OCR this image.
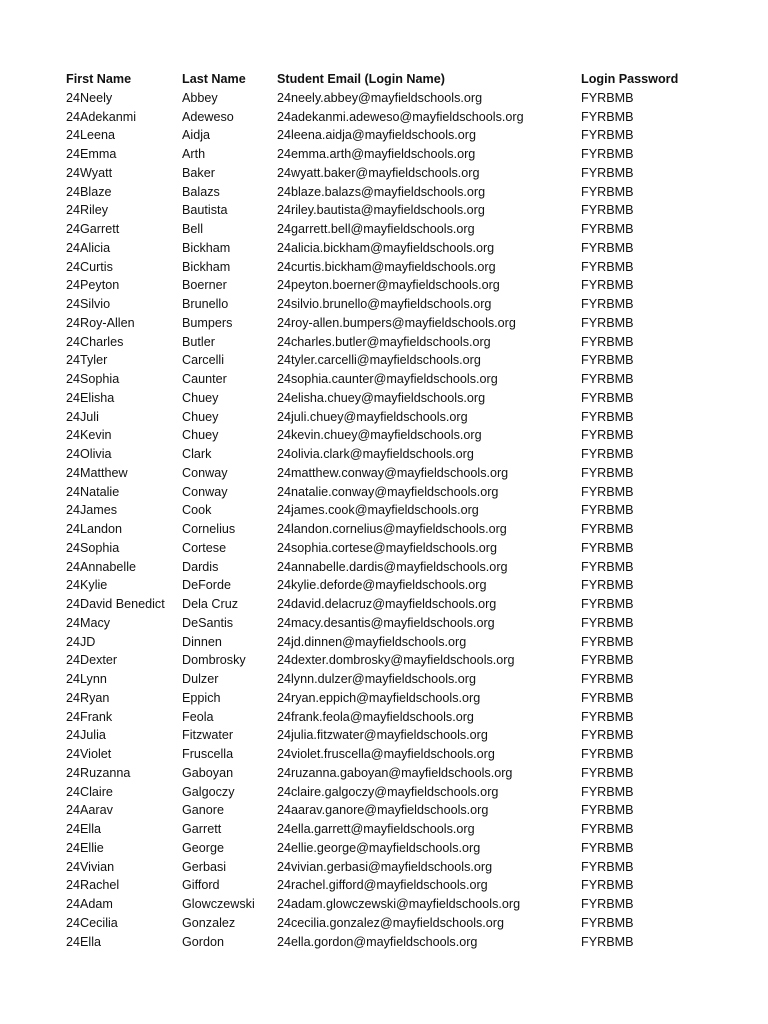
First Name	Last Name	Student Email (Login Name)	Login Password
24Neely	Abbey	24neely.abbey@mayfieldschools.org	FYRBMB
24Adekanmi	Adeweso	24adekanmi.adeweso@mayfieldschools.org	FYRBMB
24Leena	Aidja	24leena.aidja@mayfieldschools.org	FYRBMB
24Emma	Arth	24emma.arth@mayfieldschools.org	FYRBMB
24Wyatt	Baker	24wyatt.baker@mayfieldschools.org	FYRBMB
24Blaze	Balazs	24blaze.balazs@mayfieldschools.org	FYRBMB
24Riley	Bautista	24riley.bautista@mayfieldschools.org	FYRBMB
24Garrett	Bell	24garrett.bell@mayfieldschools.org	FYRBMB
24Alicia	Bickham	24alicia.bickham@mayfieldschools.org	FYRBMB
24Curtis	Bickham	24curtis.bickham@mayfieldschools.org	FYRBMB
24Peyton	Boerner	24peyton.boerner@mayfieldschools.org	FYRBMB
24Silvio	Brunello	24silvio.brunello@mayfieldschools.org	FYRBMB
24Roy-Allen	Bumpers	24roy-allen.bumpers@mayfieldschools.org	FYRBMB
24Charles	Butler	24charles.butler@mayfieldschools.org	FYRBMB
24Tyler	Carcelli	24tyler.carcelli@mayfieldschools.org	FYRBMB
24Sophia	Caunter	24sophia.caunter@mayfieldschools.org	FYRBMB
24Elisha	Chuey	24elisha.chuey@mayfieldschools.org	FYRBMB
24Juli	Chuey	24juli.chuey@mayfieldschools.org	FYRBMB
24Kevin	Chuey	24kevin.chuey@mayfieldschools.org	FYRBMB
24Olivia	Clark	24olivia.clark@mayfieldschools.org	FYRBMB
24Matthew	Conway	24matthew.conway@mayfieldschools.org	FYRBMB
24Natalie	Conway	24natalie.conway@mayfieldschools.org	FYRBMB
24James	Cook	24james.cook@mayfieldschools.org	FYRBMB
24Landon	Cornelius	24landon.cornelius@mayfieldschools.org	FYRBMB
24Sophia	Cortese	24sophia.cortese@mayfieldschools.org	FYRBMB
24Annabelle	Dardis	24annabelle.dardis@mayfieldschools.org	FYRBMB
24Kylie	DeForde	24kylie.deforde@mayfieldschools.org	FYRBMB
24David Benedict	Dela Cruz	24david.delacruz@mayfieldschools.org	FYRBMB
24Macy	DeSantis	24macy.desantis@mayfieldschools.org	FYRBMB
24JD	Dinnen	24jd.dinnen@mayfieldschools.org	FYRBMB
24Dexter	Dombrosky	24dexter.dombrosky@mayfieldschools.org	FYRBMB
24Lynn	Dulzer	24lynn.dulzer@mayfieldschools.org	FYRBMB
24Ryan	Eppich	24ryan.eppich@mayfieldschools.org	FYRBMB
24Frank	Feola	24frank.feola@mayfieldschools.org	FYRBMB
24Julia	Fitzwater	24julia.fitzwater@mayfieldschools.org	FYRBMB
24Violet	Fruscella	24violet.fruscella@mayfieldschools.org	FYRBMB
24Ruzanna	Gaboyan	24ruzanna.gaboyan@mayfieldschools.org	FYRBMB
24Claire	Galgoczy	24claire.galgoczy@mayfieldschools.org	FYRBMB
24Aarav	Ganore	24aarav.ganore@mayfieldschools.org	FYRBMB
24Ella	Garrett	24ella.garrett@mayfieldschools.org	FYRBMB
24Ellie	George	24ellie.george@mayfieldschools.org	FYRBMB
24Vivian	Gerbasi	24vivian.gerbasi@mayfieldschools.org	FYRBMB
24Rachel	Gifford	24rachel.gifford@mayfieldschools.org	FYRBMB
24Adam	Glowczewski	24adam.glowczewski@mayfieldschools.org	FYRBMB
24Cecilia	Gonzalez	24cecilia.gonzalez@mayfieldschools.org	FYRBMB
24Ella	Gordon	24ella.gordon@mayfieldschools.org	FYRBMB
